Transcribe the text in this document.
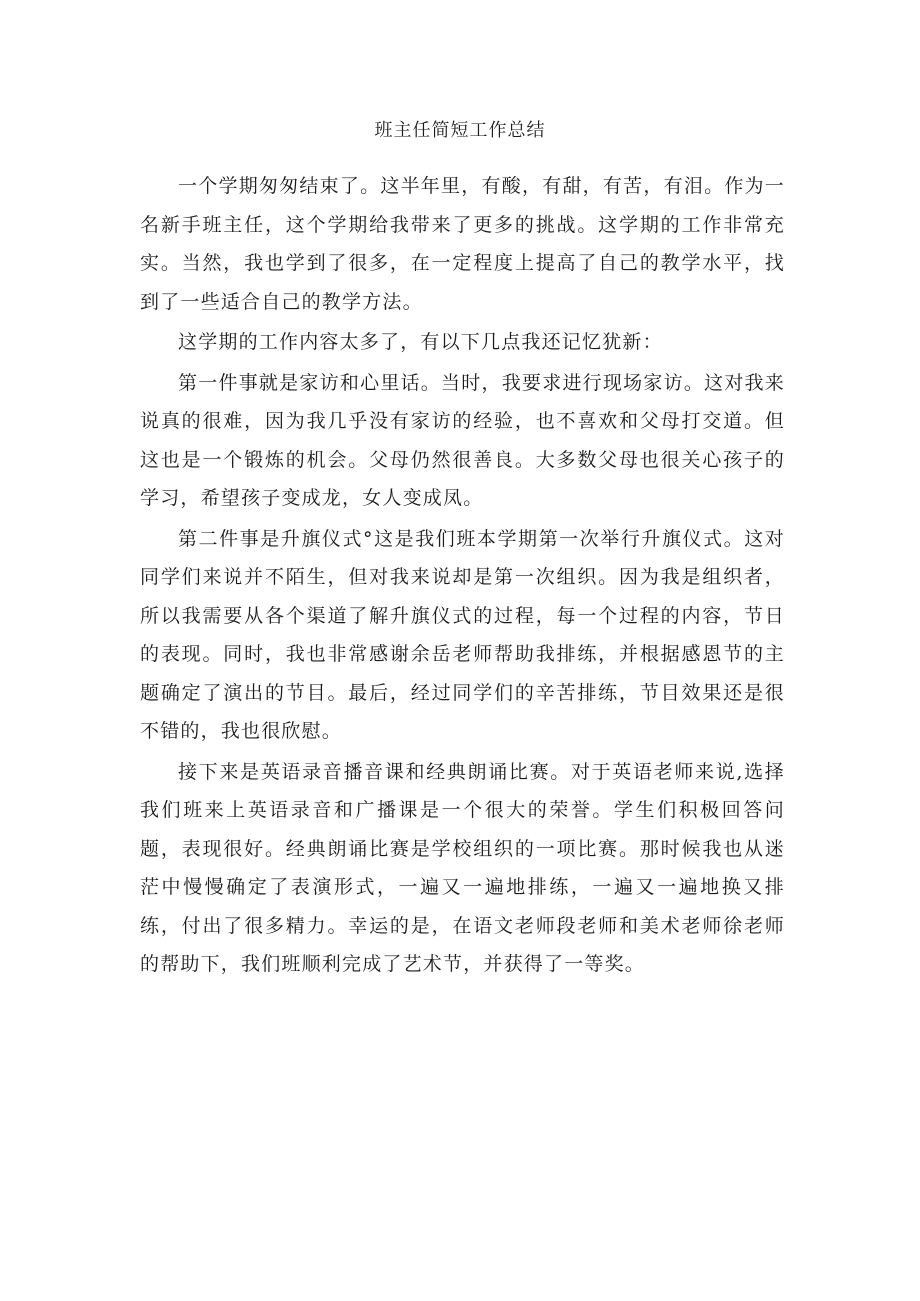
班主任简短工作总结

一个学期匆匆结束了。这半年里，有酸，有甜，有苦，有泪。作为一名新手班主任，这个学期给我带来了更多的挑战。这学期的工作非常充实。当然，我也学到了很多，在一定程度上提高了自己的教学水平，找到了一些适合自己的教学方法。

这学期的工作内容太多了，有以下几点我还记忆犹新：

第一件事就是家访和心里话。当时，我要求进行现场家访。这对我来说真的很难，因为我几乎没有家访的经验，也不喜欢和父母打交道。但这也是一个锻炼的机会。父母仍然很善良。大多数父母也很关心孩子的学习，希望孩子变成龙，女人变成凤。

第二件事是升旗仪式°这是我们班本学期第一次举行升旗仪式。这对同学们来说并不陌生，但对我来说却是第一次组织。因为我是组织者，所以我需要从各个渠道了解升旗仪式的过程，每一个过程的内容，节日的表现。同时，我也非常感谢余岳老师帮助我排练，并根据感恩节的主题确定了演出的节目。最后，经过同学们的辛苦排练，节目效果还是很不错的，我也很欣慰。

接下来是英语录音播音课和经典朗诵比赛。对于英语老师来说,选择我们班来上英语录音和广播课是一个很大的荣誉。学生们积极回答问题，表现很好。经典朗诵比赛是学校组织的一项比赛。那时候我也从迷茫中慢慢确定了表演形式，一遍又一遍地排练，一遍又一遍地换又排练，付出了很多精力。幸运的是，在语文老师段老师和美术老师徐老师的帮助下，我们班顺利完成了艺术节，并获得了一等奖。
